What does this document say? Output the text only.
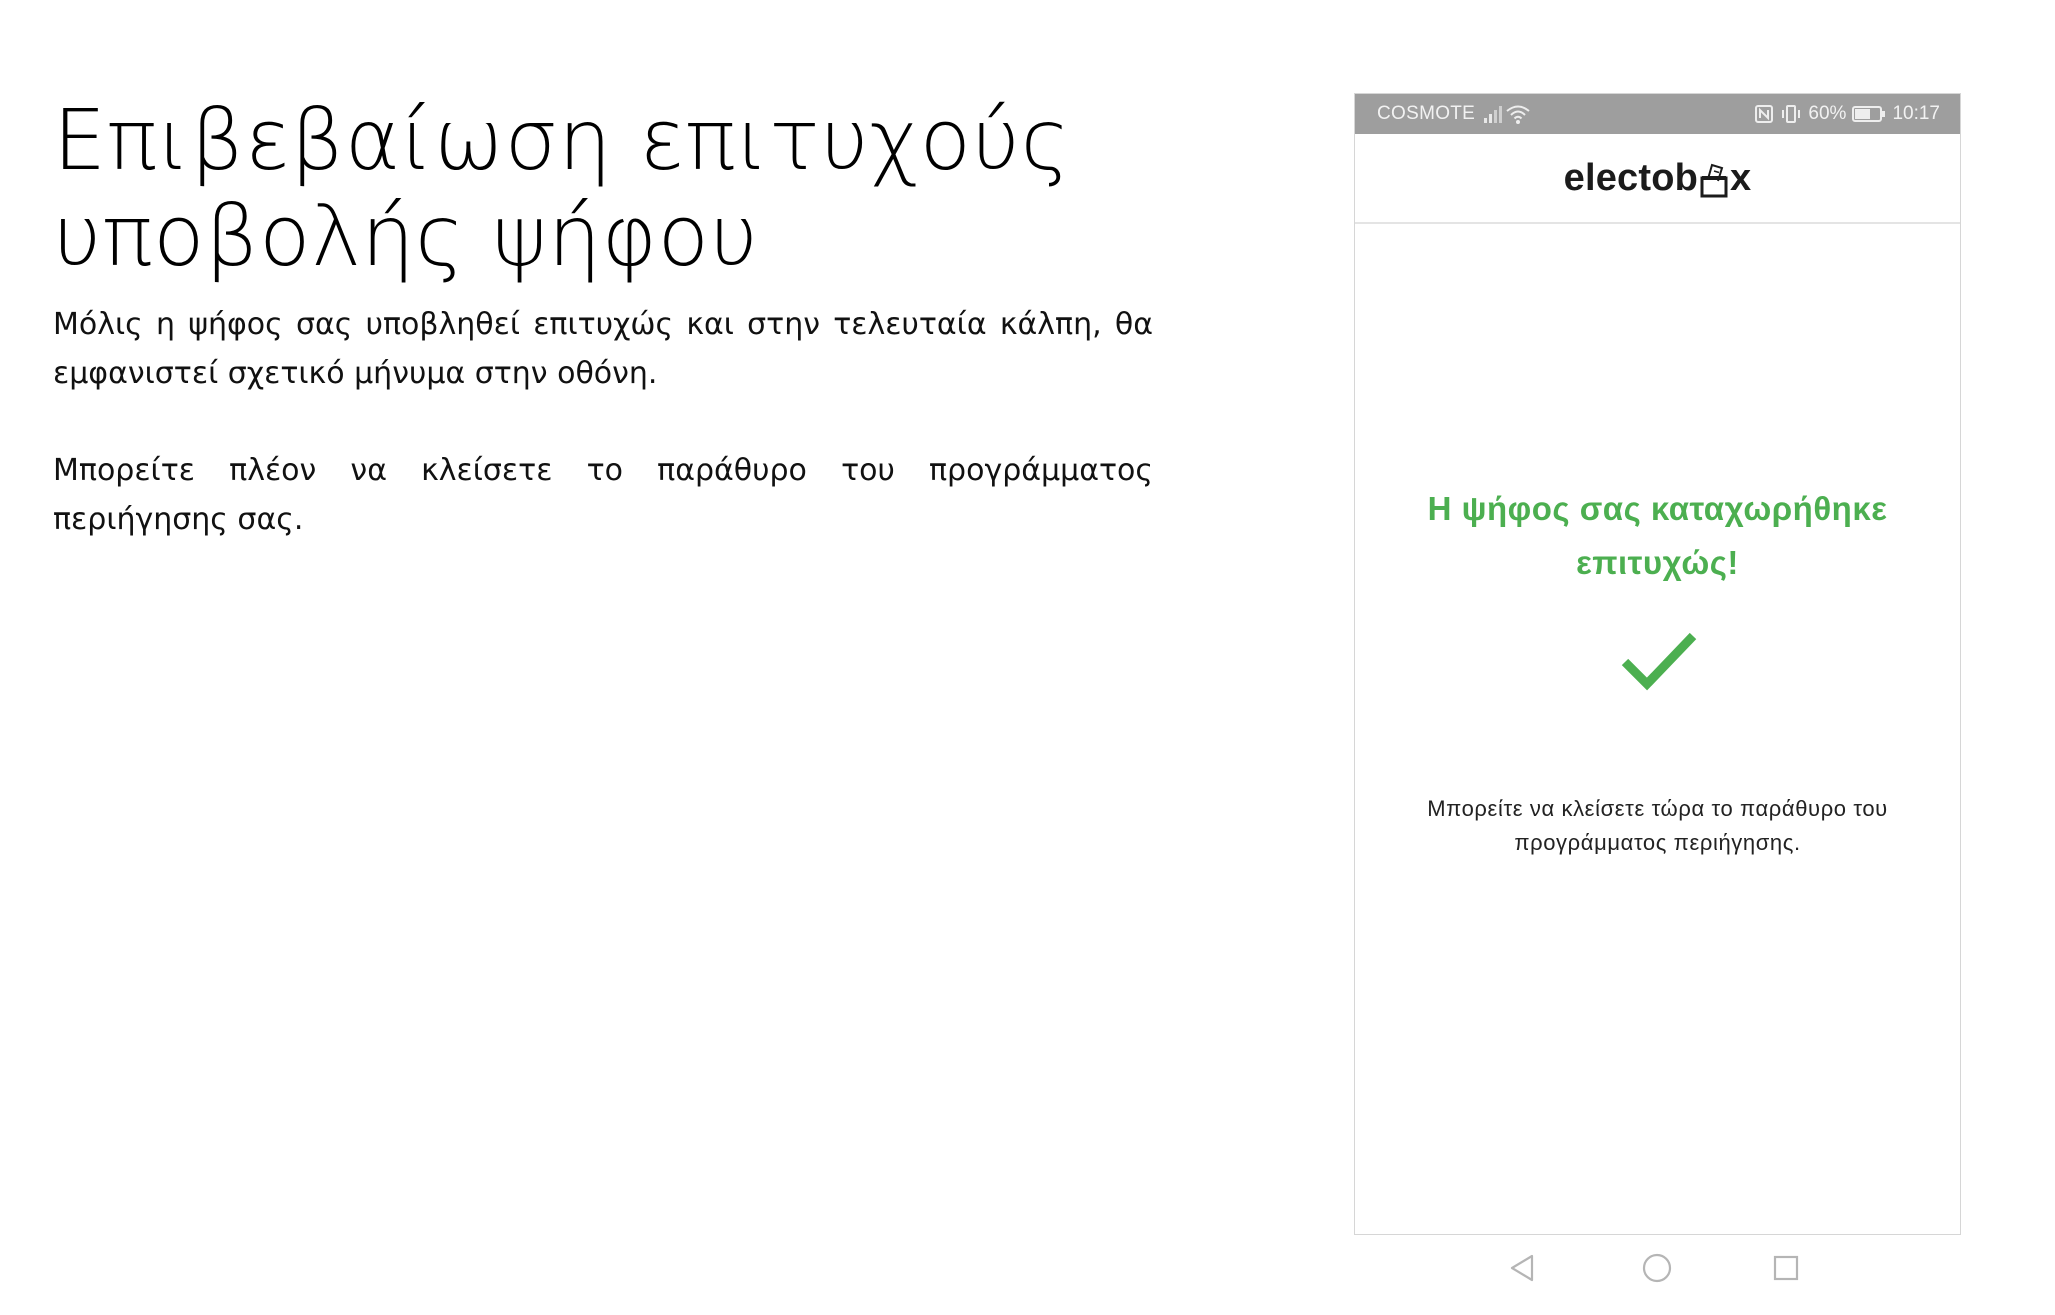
Επιβεβαίωση επιτυχούς
υποβολής ψήφου

Μόλις η ψήφος σας υποβληθεί επιτυχώς και στην τελευταία κάλπη, θα εμφανιστεί σχετικό μήνυμα στην οθόνη.

Μπορείτε πλέον να κλείσετε το παράθυρο του προγράμματος περιήγησης σας.

COSMOTE	60% 10:17
electob x
Η ψήφος σας καταχωρήθηκε επιτυχώς!
Μπορείτε να κλείσετε τώρα το παράθυρο του προγράμματος περιήγησης.
